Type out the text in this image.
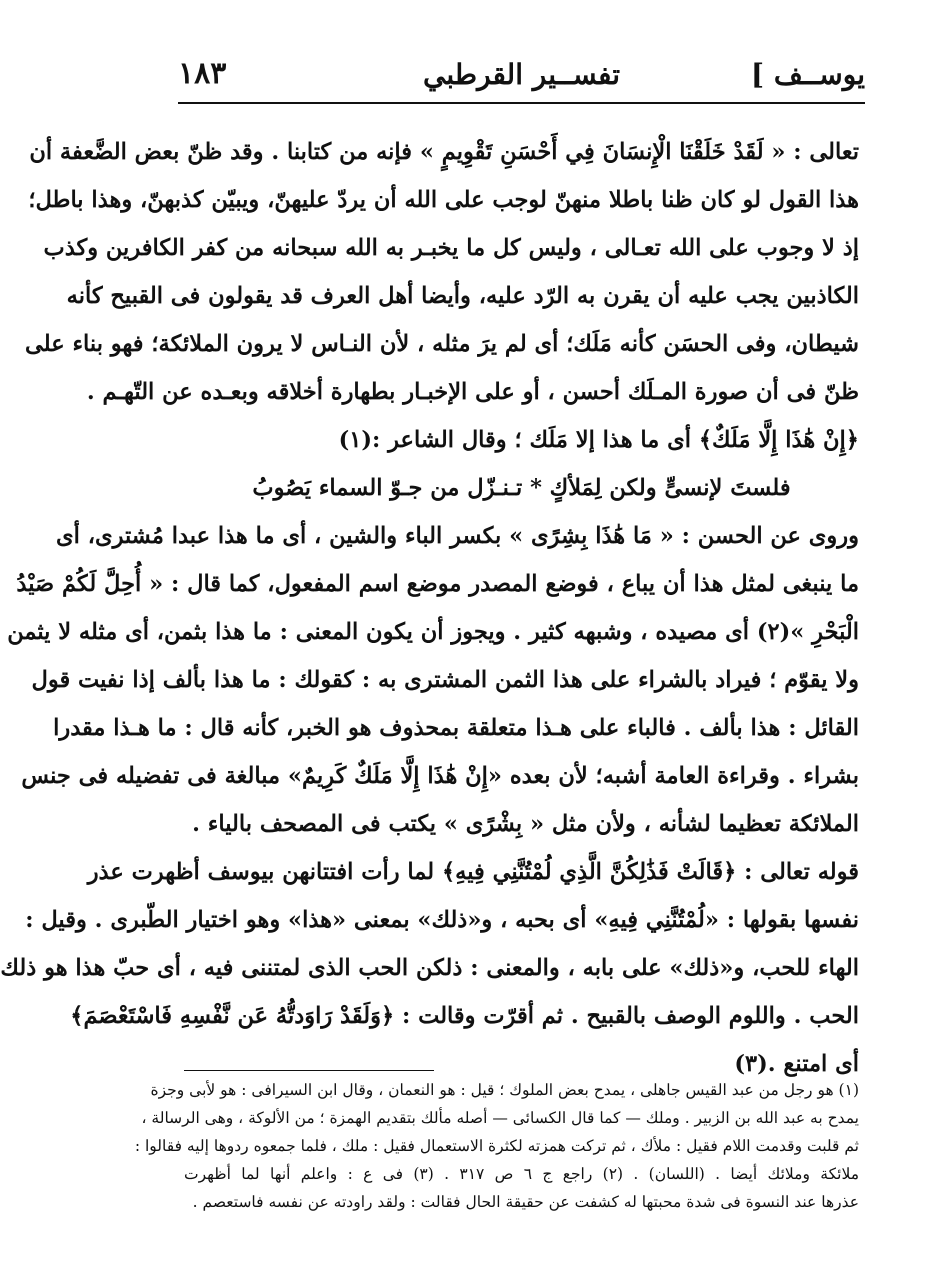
يوســف ]
تفســير القرطبي
١٨٣
تعالى : « لَقَدْ خَلَقْنَا الْإِنسَانَ فِي أَحْسَنِ تَقْوِيمٍ » فإنه من كتابنا . وقد ظنّ بعض الضَّعفة أن
هذا القول لو كان ظنا باطلا منهنّ لوجب على الله أن يردّ عليهنّ، ويبيّن كذبهنّ، وهذا باطل؛
إذ لا وجوب على الله تعـالى ، وليس كل ما يخبـر به الله سبحانه من كفر الكافرين وكذب
الكاذبين يجب عليه أن يقرن به الرّد عليه، وأيضا أهل العرف قد يقولون فى القبيح كأنه
شيطان، وفى الحسَن كأنه مَلَك؛ أى لم يرَ مثله ، لأن النـاس لا يرون الملائكة؛ فهو بناء على
ظنّ فى أن صورة المـلَك أحسن ، أو على الإخبـار بطهارة أخلاقه وبعـده عن التّهـم .
﴿إِنْ هَٰذَا إِلَّا مَلَكٌ﴾ أى ما هذا إلا مَلَك ؛ وقال الشاعر :(١)
فلستَ لإنسىٍّ ولكن لِمَلأكٍ * تـنـزّل من جـوّ السماء يَصُوبُ
وروى عن الحسن : « مَا هَٰذَا بِشِرًى » بكسر الباء والشين ، أى ما هذا عبدا مُشترى، أى
ما ينبغى لمثل هذا أن يباع ، فوضع المصدر موضع اسم المفعول، كما قال : « أُحِلَّ لَكُمْ صَيْدُ
الْبَحْرِ »(٢) أى مصيده ، وشبهه كثير . ويجوز أن يكون المعنى : ما هذا بثمن، أى مثله لا يثمن
ولا يقوّم ؛ فيراد بالشراء على هذا الثمن المشترى به : كقولك : ما هذا بألف إذا نفيت قول
القائل : هذا بألف . فالباء على هـذا متعلقة بمحذوف هو الخبر، كأنه قال : ما هـذا مقدرا
بشراء . وقراءة العامة أشبه؛ لأن بعده «إِنْ هَٰذَا إِلَّا مَلَكٌ كَرِيمٌ» مبالغة فى تفضيله فى جنس
الملائكة تعظيما لشأنه ، ولأن مثل « بِشْرًى » يكتب فى المصحف بالياء .
قوله تعالى : ﴿قَالَتْ فَذَٰلِكُنَّ الَّذِي لُمْتُنَّنِي فِيهِ﴾ لما رأت افتتانهن بيوسف أظهرت عذر
نفسها بقولها : «لُمْتُنَّنِي فِيهِ» أى بحبه ، و«ذلك» بمعنى «هذا» وهو اختيار الطّبرى . وقيل :
الهاء للحب، و«ذلك» على بابه ، والمعنى : ذلكن الحب الذى لمتننى فيه ، أى حبّ هذا هو ذلك
الحب . واللوم الوصف بالقبيح . ثم أقرّت وقالت : ﴿وَلَقَدْ رَاوَدتُّهُ عَن نَّفْسِهِ فَاسْتَعْصَمَ﴾
أى امتنع .(٣)
(١) هو رجل من عبد القيس جاهلى ، يمدح بعض الملوك ؛ قيل : هو النعمان ، وقال ابن السيرافى : هو لأبى وجزة
يمدح به عبد الله بن الزبير . وملك — كما قال الكسائى — أصله مألك بتقديم الهمزة ؛ من الألوكة ، وهى الرسالة ،
ثم قلبت وقدمت اللام فقيل : ملأك ، ثم تركت همزته لكثرة الاستعمال فقيل : ملك ، فلما جمعوه ردوها إليه فقالوا :
ملائكة وملائك أيضا . (اللسان) . (٢) راجع ج ٦ ص ٣١٧ . (٣) فى ع : واعلم أنها لما أظهرت
عذرها عند النسوة فى شدة محبتها له كشفت عن حقيقة الحال فقالت : ولقد راودته عن نفسه فاستعصم .
